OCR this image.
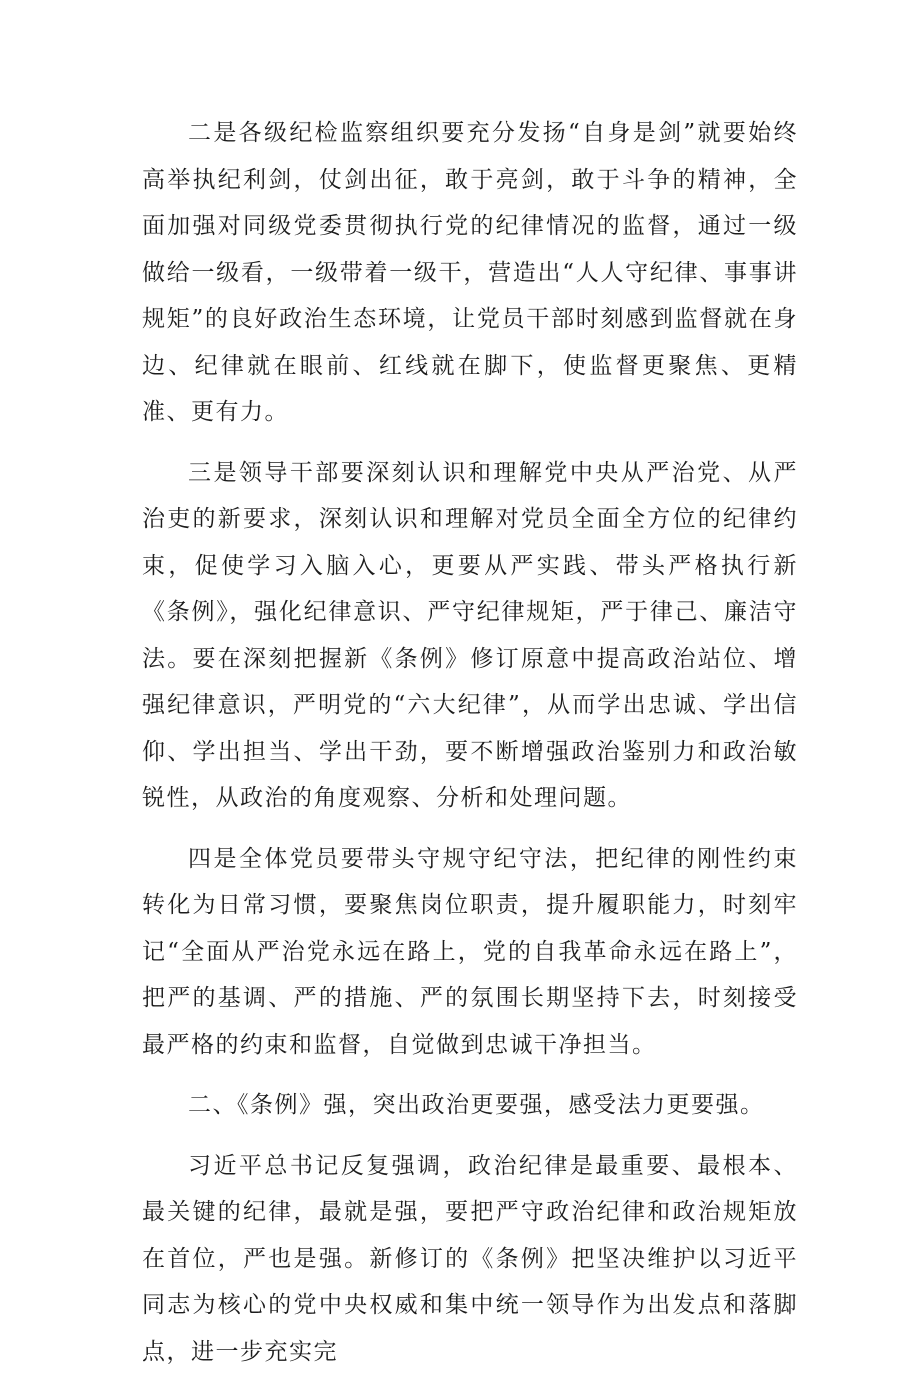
二是各级纪检监察组织要充分发扬“自身是剑”就要始终高举执纪利剑，仗剑出征，敢于亮剑，敢于斗争的精神，全面加强对同级党委贯彻执行党的纪律情况的监督，通过一级做给一级看，一级带着一级干，营造出“人人守纪律、事事讲规矩”的良好政治生态环境，让党员干部时刻感到监督就在身边、纪律就在眼前、红线就在脚下，使监督更聚焦、更精准、更有力。

三是领导干部要深刻认识和理解党中央从严治党、从严治吏的新要求，深刻认识和理解对党员全面全方位的纪律约束，促使学习入脑入心，更要从严实践、带头严格执行新《条例》，强化纪律意识、严守纪律规矩，严于律己、廉洁守法。要在深刻把握新《条例》修订原意中提高政治站位、增强纪律意识，严明党的“六大纪律”，从而学出忠诚、学出信仰、学出担当、学出干劲，要不断增强政治鉴别力和政治敏锐性，从政治的角度观察、分析和处理问题。

四是全体党员要带头守规守纪守法，把纪律的刚性约束转化为日常习惯，要聚焦岗位职责，提升履职能力，时刻牢记“全面从严治党永远在路上，党的自我革命永远在路上”，把严的基调、严的措施、严的氛围长期坚持下去，时刻接受最严格的约束和监督，自觉做到忠诚干净担当。

二、《条例》强，突出政治更要强，感受法力更要强。

习近平总书记反复强调，政治纪律是最重要、最根本、最关键的纪律，最就是强，要把严守政治纪律和政治规矩放在首位，严也是强。新修订的《条例》把坚决维护以习近平同志为核心的党中央权威和集中统一领导作为出发点和落脚点，进一步充实完
